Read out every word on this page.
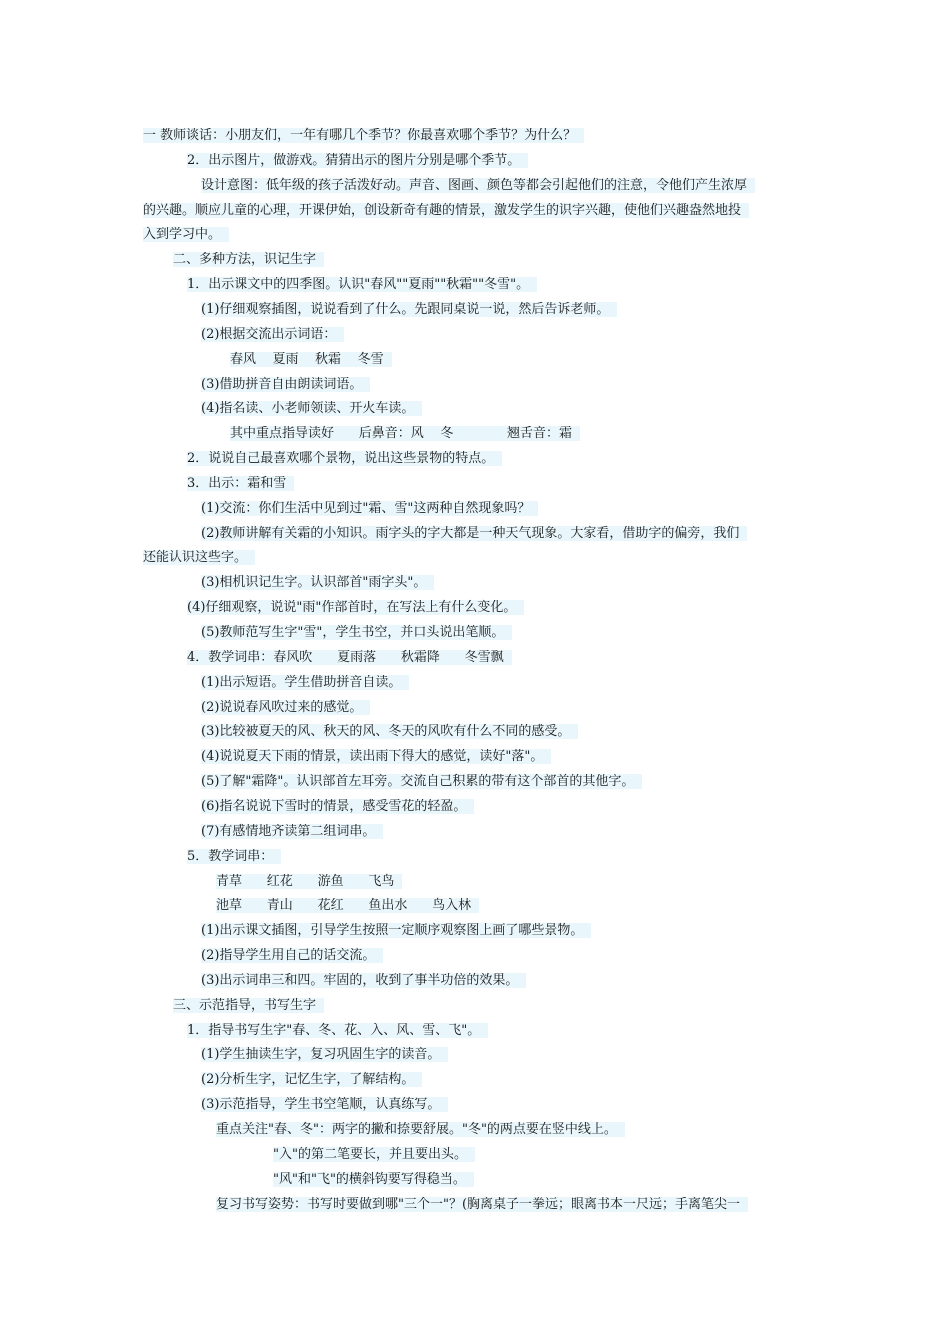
一 教师谈话：小朋友们，一年有哪几个季节？你最喜欢哪个季节？为什么？
2．出示图片，做游戏。猜猜出示的图片分别是哪个季节。
设计意图：低年级的孩子活泼好动。声音、图画、颜色等都会引起他们的注意，令他们产生浓厚
的兴趣。顺应儿童的心理，开课伊始，创设新奇有趣的情景，激发学生的识字兴趣，使他们兴趣盎然地投
入到学习中。
二、多种方法，识记生字
1．出示课文中的四季图。认识"春风""夏雨""秋霜""冬雪"。
(1)仔细观察插图，说说看到了什么。先跟同桌说一说，然后告诉老师。
(2)根据交流出示词语：
春风    夏雨    秋霜    冬雪
(3)借助拼音自由朗读词语。
(4)指名读、小老师领读、开火车读。
其中重点指导读好      后鼻音：风    冬             翘舌音：霜
2．说说自己最喜欢哪个景物，说出这些景物的特点。
3．出示：霜和雪
(1)交流：你们生活中见到过"霜、雪"这两种自然现象吗？
(2)教师讲解有关霜的小知识。雨字头的字大都是一种天气现象。大家看，借助字的偏旁，我们
还能认识这些字。
(3)相机识记生字。认识部首"雨字头"。
(4)仔细观察，说说"雨"作部首时，在写法上有什么变化。
(5)教师范写生字"雪"，学生书空，并口头说出笔顺。
4．教学词串：春风吹      夏雨落      秋霜降      冬雪飘
(1)出示短语。学生借助拼音自读。
(2)说说春风吹过来的感觉。
(3)比较被夏天的风、秋天的风、冬天的风吹有什么不同的感受。
(4)说说夏天下雨的情景，读出雨下得大的感觉，读好"落"。
(5)了解"霜降"。认识部首左耳旁。交流自己积累的带有这个部首的其他字。
(6)指名说说下雪时的情景，感受雪花的轻盈。
(7)有感情地齐读第二组词串。
5．教学词串：
青草      红花      游鱼      飞鸟
池草      青山      花红      鱼出水      鸟入林
(1)出示课文插图，引导学生按照一定顺序观察图上画了哪些景物。
(2)指导学生用自己的话交流。
(3)出示词串三和四。牢固的，收到了事半功倍的效果。
三、示范指导，书写生字
1．指导书写生字"春、冬、花、入、风、雪、飞"。
(1)学生抽读生字，复习巩固生字的读音。
(2)分析生字，记忆生字，了解结构。
(3)示范指导，学生书空笔顺，认真练写。
重点关注"春、冬"：两字的撇和捺要舒展。"冬"的两点要在竖中线上。
"入"的第二笔要长，并且要出头。
"风"和"飞"的横斜钩要写得稳当。
复习书写姿势：书写时要做到哪"三个一"？(胸离桌子一拳远；眼离书本一尺远；手离笔尖一
